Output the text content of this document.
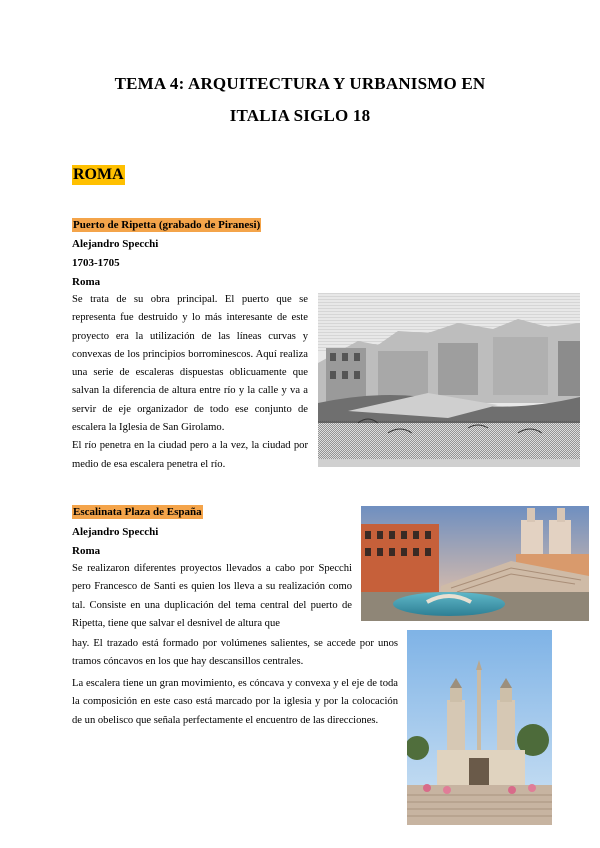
TEMA 4: ARQUITECTURA Y URBANISMO EN
ITALIA SIGLO 18
ROMA
Puerto de Ripetta (grabado de Piranesi)
Alejandro Specchi
1703-1705
Roma

Se trata de su obra principal. El puerto que se representa fue destruido y lo más interesante de este proyecto era la utilización de las líneas curvas y convexas de los principios borrominescos. Aquí realiza una serie de escaleras dispuestas oblicuamente que salvan la diferencia de altura entre río y la calle y va a servir de eje organizador de todo ese conjunto de escalera la Iglesia de San Girolamo.

El río penetra en la ciudad pero a la vez, la ciudad por medio de esa escalera penetra el río.

Escalinata Plaza de España
Alejandro Specchi
Roma
Se realizaron diferentes proyectos llevados a cabo por Specchi pero Francesco de Santi es quien los lleva a su realización como tal. Consiste en una duplicación del tema central del puerto de Ripetta, tiene que salvar el desnivel de altura que
hay. El trazado está formado por volúmenes salientes, se accede por unos tramos cóncavos en los que hay descansillos centrales.
La escalera tiene un gran movimiento, es cóncava y convexa y el eje de toda la composición en este caso está marcado por la iglesia y por la colocación de un obelisco que señala perfectamente el encuentro de las direcciones.
